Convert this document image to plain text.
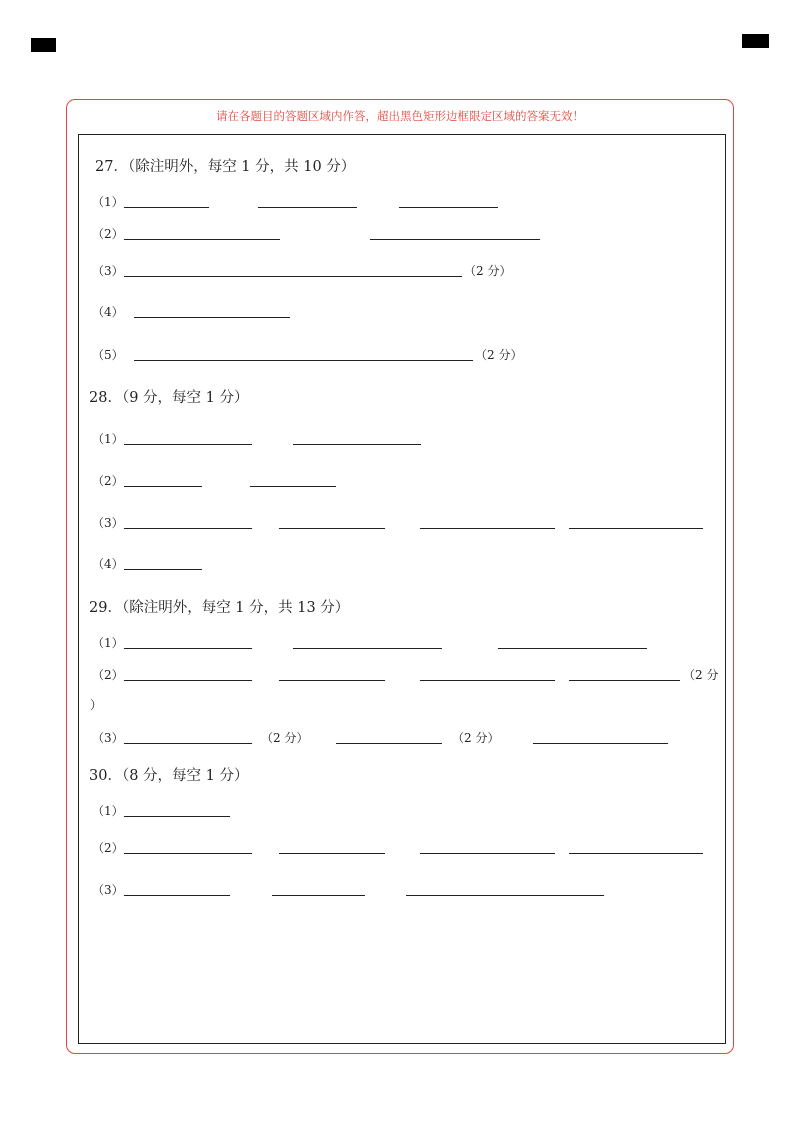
请在各题目的答题区域内作答，超出黑色矩形边框限定区域的答案无效！
27．（除注明外，每空 1 分，共 10 分）
（1）
（2）
（3）	（2 分）
（4）
（5）	（2 分）
28．（9 分，每空 1 分）
（1）
（2）
（3）
（4）
29．（除注明外，每空 1 分，共 13 分）
（1）
（2）	（2 分
）
（3）	（2 分）	（2 分）
30．（8 分，每空 1 分）
（1）
（2）
（3）
